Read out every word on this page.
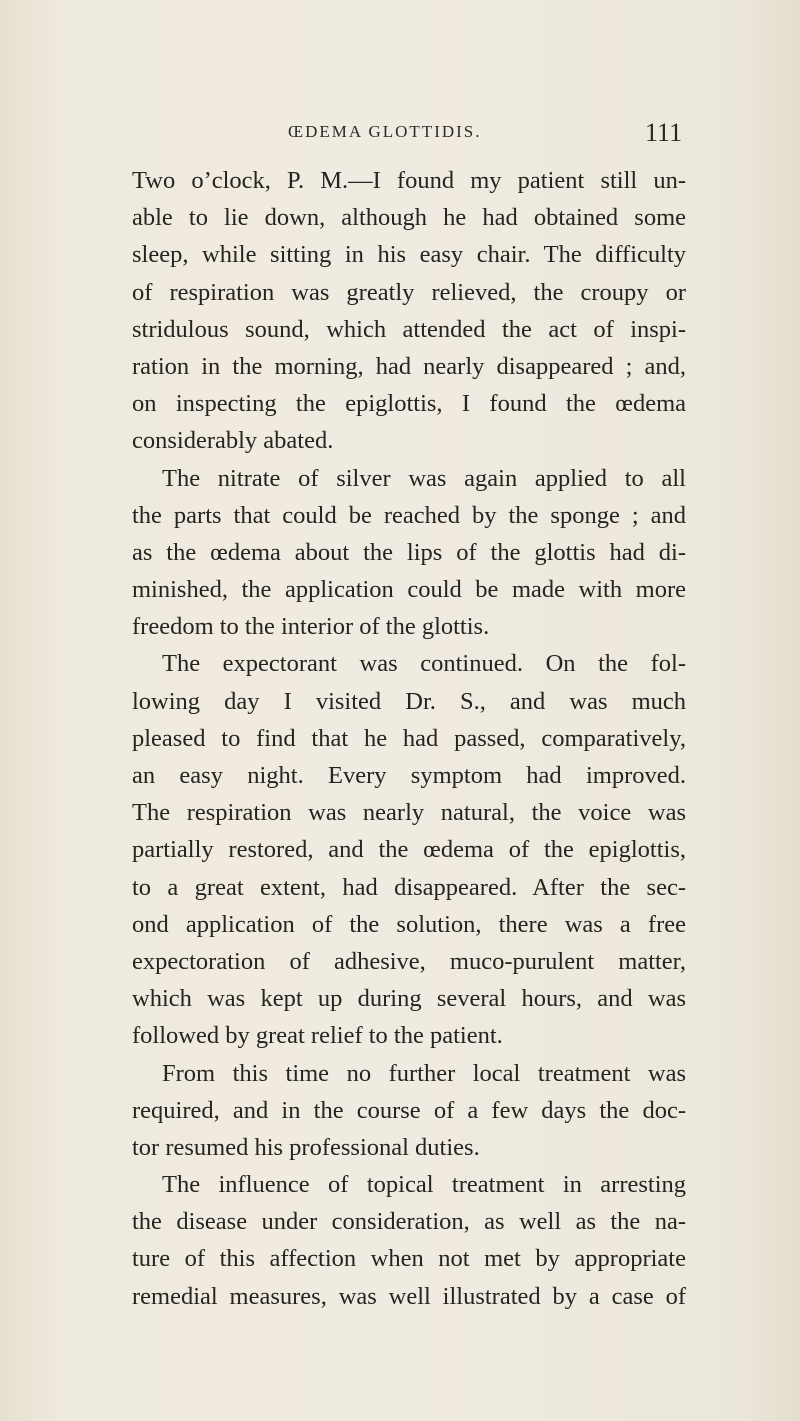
ŒDEMA GLOTTIDIS.	111
Two o’clock, P. M.—I found my patient still un-
able to lie down, although he had obtained some
sleep, while sitting in his easy chair. The difficulty
of respiration was greatly relieved, the croupy or
stridulous sound, which attended the act of inspi-
ration in the morning, had nearly disappeared ; and,
on inspecting the epiglottis, I found the œdema
considerably abated.
The nitrate of silver was again applied to all
the parts that could be reached by the sponge ; and
as the œdema about the lips of the glottis had di-
minished, the application could be made with more
freedom to the interior of the glottis.
The expectorant was continued. On the fol-
lowing day I visited Dr. S., and was much
pleased to find that he had passed, comparatively,
an easy night. Every symptom had improved.
The respiration was nearly natural, the voice was
partially restored, and the œdema of the epiglottis,
to a great extent, had disappeared. After the sec-
ond application of the solution, there was a free
expectoration of adhesive, muco-purulent matter,
which was kept up during several hours, and was
followed by great relief to the patient.
From this time no further local treatment was
required, and in the course of a few days the doc-
tor resumed his professional duties.
The influence of topical treatment in arresting
the disease under consideration, as well as the na-
ture of this affection when not met by appropriate
remedial measures, was well illustrated by a case of
